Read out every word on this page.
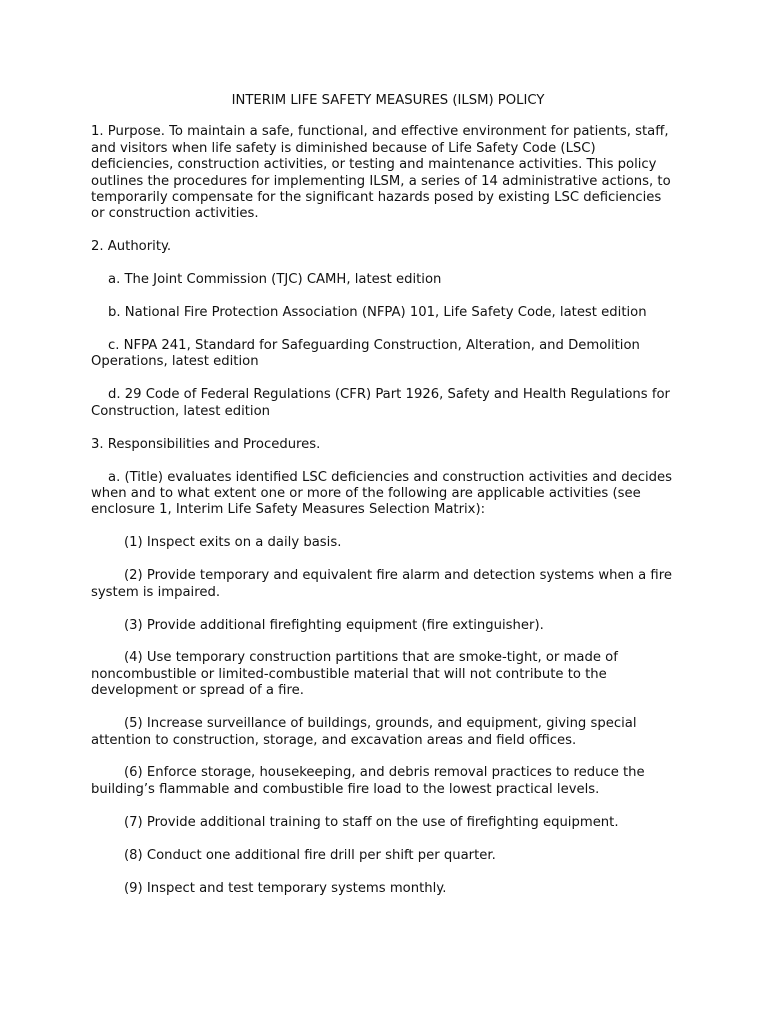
INTERIM LIFE SAFETY MEASURES (ILSM) POLICY

1. Purpose. To maintain a safe, functional, and effective environment for patients, staff, and visitors when life safety is diminished because of Life Safety Code (LSC) deficiencies, construction activities, or testing and maintenance activities. This policy outlines the procedures for implementing ILSM, a series of 14 administrative actions, to temporarily compensate for the significant hazards posed by existing LSC deficiencies or construction activities.

2. Authority.

a. The Joint Commission (TJC) CAMH, latest edition

b. National Fire Protection Association (NFPA) 101, Life Safety Code, latest edition

c. NFPA 241, Standard for Safeguarding Construction, Alteration, and Demolition Operations, latest edition

d. 29 Code of Federal Regulations (CFR) Part 1926, Safety and Health Regulations for Construction, latest edition

3. Responsibilities and Procedures.

a. (Title) evaluates identified LSC deficiencies and construction activities and decides when and to what extent one or more of the following are applicable activities (see enclosure 1, Interim Life Safety Measures Selection Matrix):

(1) Inspect exits on a daily basis.

(2) Provide temporary and equivalent fire alarm and detection systems when a fire system is impaired.

(3) Provide additional firefighting equipment (fire extinguisher).

(4) Use temporary construction partitions that are smoke-tight, or made of noncombustible or limited-combustible material that will not contribute to the development or spread of a fire.

(5) Increase surveillance of buildings, grounds, and equipment, giving special attention to construction, storage, and excavation areas and field offices.

(6) Enforce storage, housekeeping, and debris removal practices to reduce the building’s flammable and combustible fire load to the lowest practical levels.

(7) Provide additional training to staff on the use of firefighting equipment.

(8) Conduct one additional fire drill per shift per quarter.

(9) Inspect and test temporary systems monthly.
